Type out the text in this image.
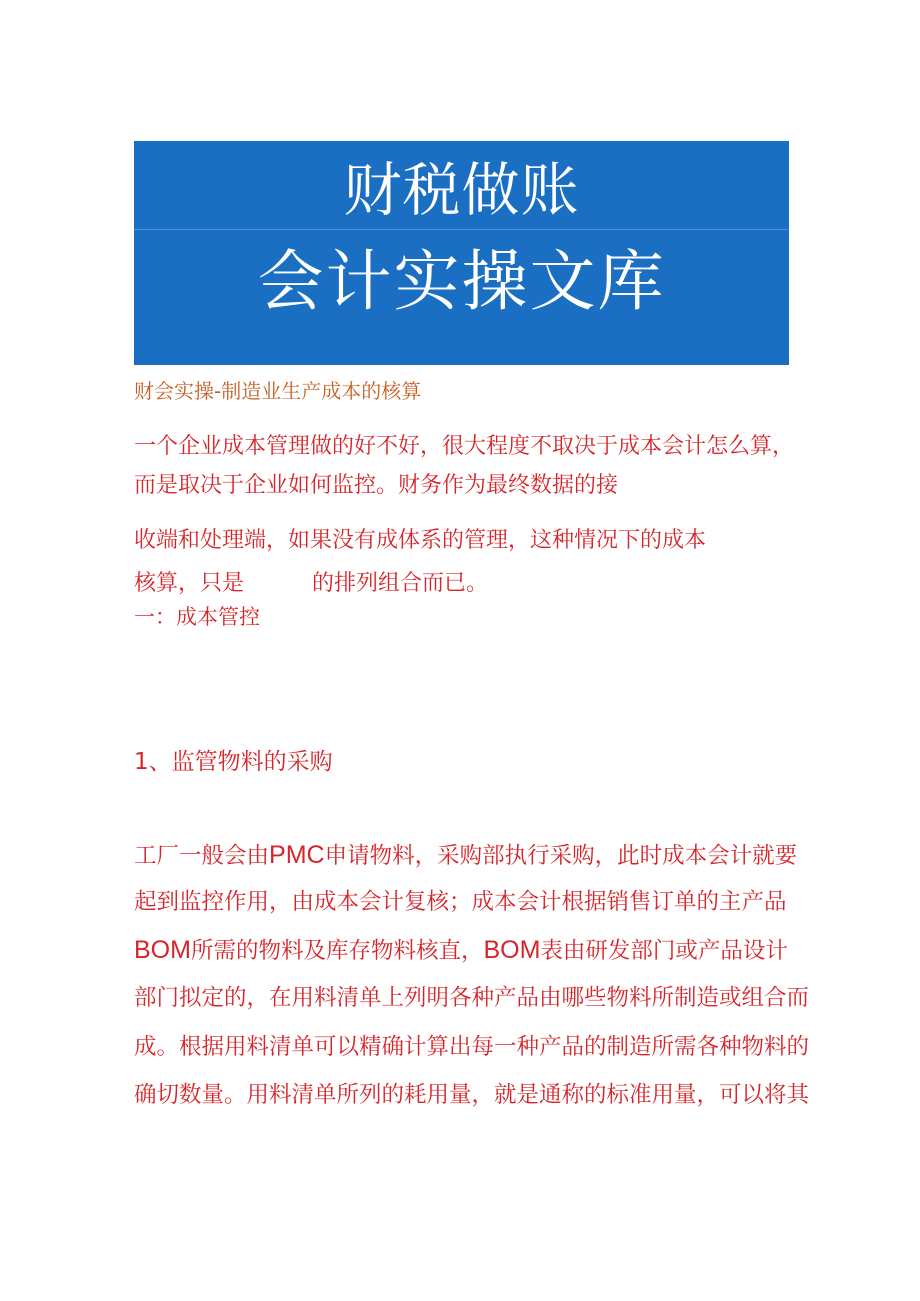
财税做账
会计实操文库
财会实操-制造业生产成本的核算
一个企业成本管理做的好不好，很大程度不取决于成本会计怎么算，
而是取决于企业如何监控。财务作为最终数据的接
收端和处理端，如果没有成体系的管理，这种情况下的成本
核算，只是	的排列组合而已。
一：成本管控
1、监管物料的采购
工厂一般会由PMC申请物料，采购部执行采购，此时成本会计就要
起到监控作用，由成本会计复核；成本会计根据销售订单的主产品
BOM所需的物料及库存物料核直，BOM表由研发部门或产品设计
部门拟定的，在用料清单上列明各种产品由哪些物料所制造或组合而
成。根据用料清单可以精确计算出每一种产品的制造所需各种物料的
确切数量。用料清单所列的耗用量，就是通称的标准用量，可以将其
